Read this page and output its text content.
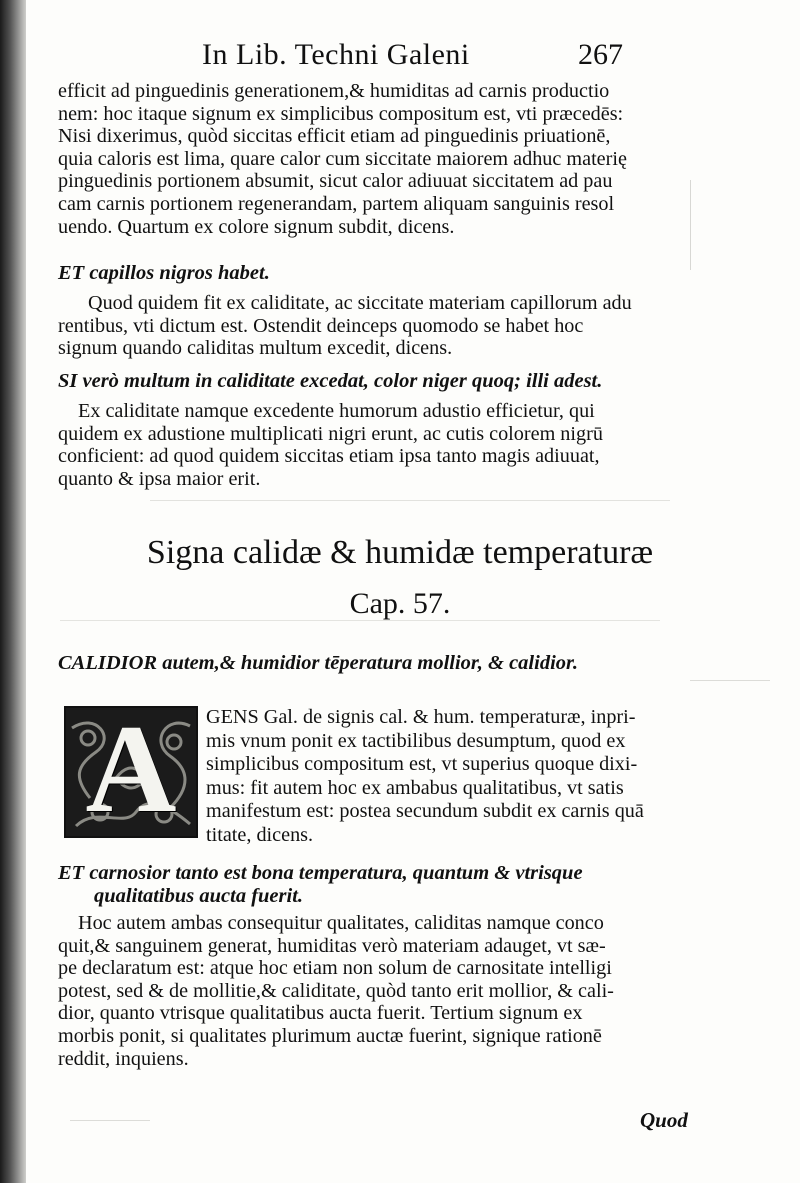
In Lib. Techni Galeni	267
efficit ad pinguedinis generationem,& humiditas ad carnis productio
nem: hoc itaque signum ex simplicibus compositum est, vti præcedēs:
Nisi dixerimus, quòd siccitas efficit etiam ad pinguedinis priuationē,
quia caloris est lima, quare calor cum siccitate maiorem adhuc materię
pinguedinis portionem absumit, sicut calor adiuuat siccitatem ad pau
cam carnis portionem regenerandam, partem aliquam sanguinis resol
uendo. Quartum ex colore signum subdit, dicens.
ET capillos nigros habet.
Quod quidem fit ex caliditate, ac siccitate materiam capillorum adu
rentibus, vti dictum est. Ostendit deinceps quomodo se habet hoc
signum quando caliditas multum excedit, dicens.
SI verò multum in caliditate excedat, color niger quoq; illi adest.
Ex caliditate namque excedente humorum adustio efficietur, qui
quidem ex adustione multiplicati nigri erunt, ac cutis colorem nigrū
conficient: ad quod quidem siccitas etiam ipsa tanto magis adiuuat,
quanto & ipsa maior erit.
Signa calidæ & humidæ temperaturæ
Cap. 57.
CALIDIOR autem,& humidior tēperatura mollior, & calidior.
A	GENS Gal. de signis cal. & hum. temperaturæ, inpri-
mis vnum ponit ex tactibilibus desumptum, quod ex
simplicibus compositum est, vt superius quoque dixi-
mus: fit autem hoc ex ambabus qualitatibus, vt satis
manifestum est: postea secundum subdit ex carnis quā
titate, dicens.
ET carnosior tanto est bona temperatura, quantum & vtrisque
qualitatibus aucta fuerit.
Hoc autem ambas consequitur qualitates, caliditas namque conco
quit,& sanguinem generat, humiditas verò materiam adauget, vt sæ-
pe declaratum est: atque hoc etiam non solum de carnositate intelligi
potest, sed & de mollitie,& caliditate, quòd tanto erit mollior, & cali-
dior, quanto vtrisque qualitatibus aucta fuerit. Tertium signum ex
morbis ponit, si qualitates plurimum auctæ fuerint, signique rationē
reddit, inquiens.
Quod
